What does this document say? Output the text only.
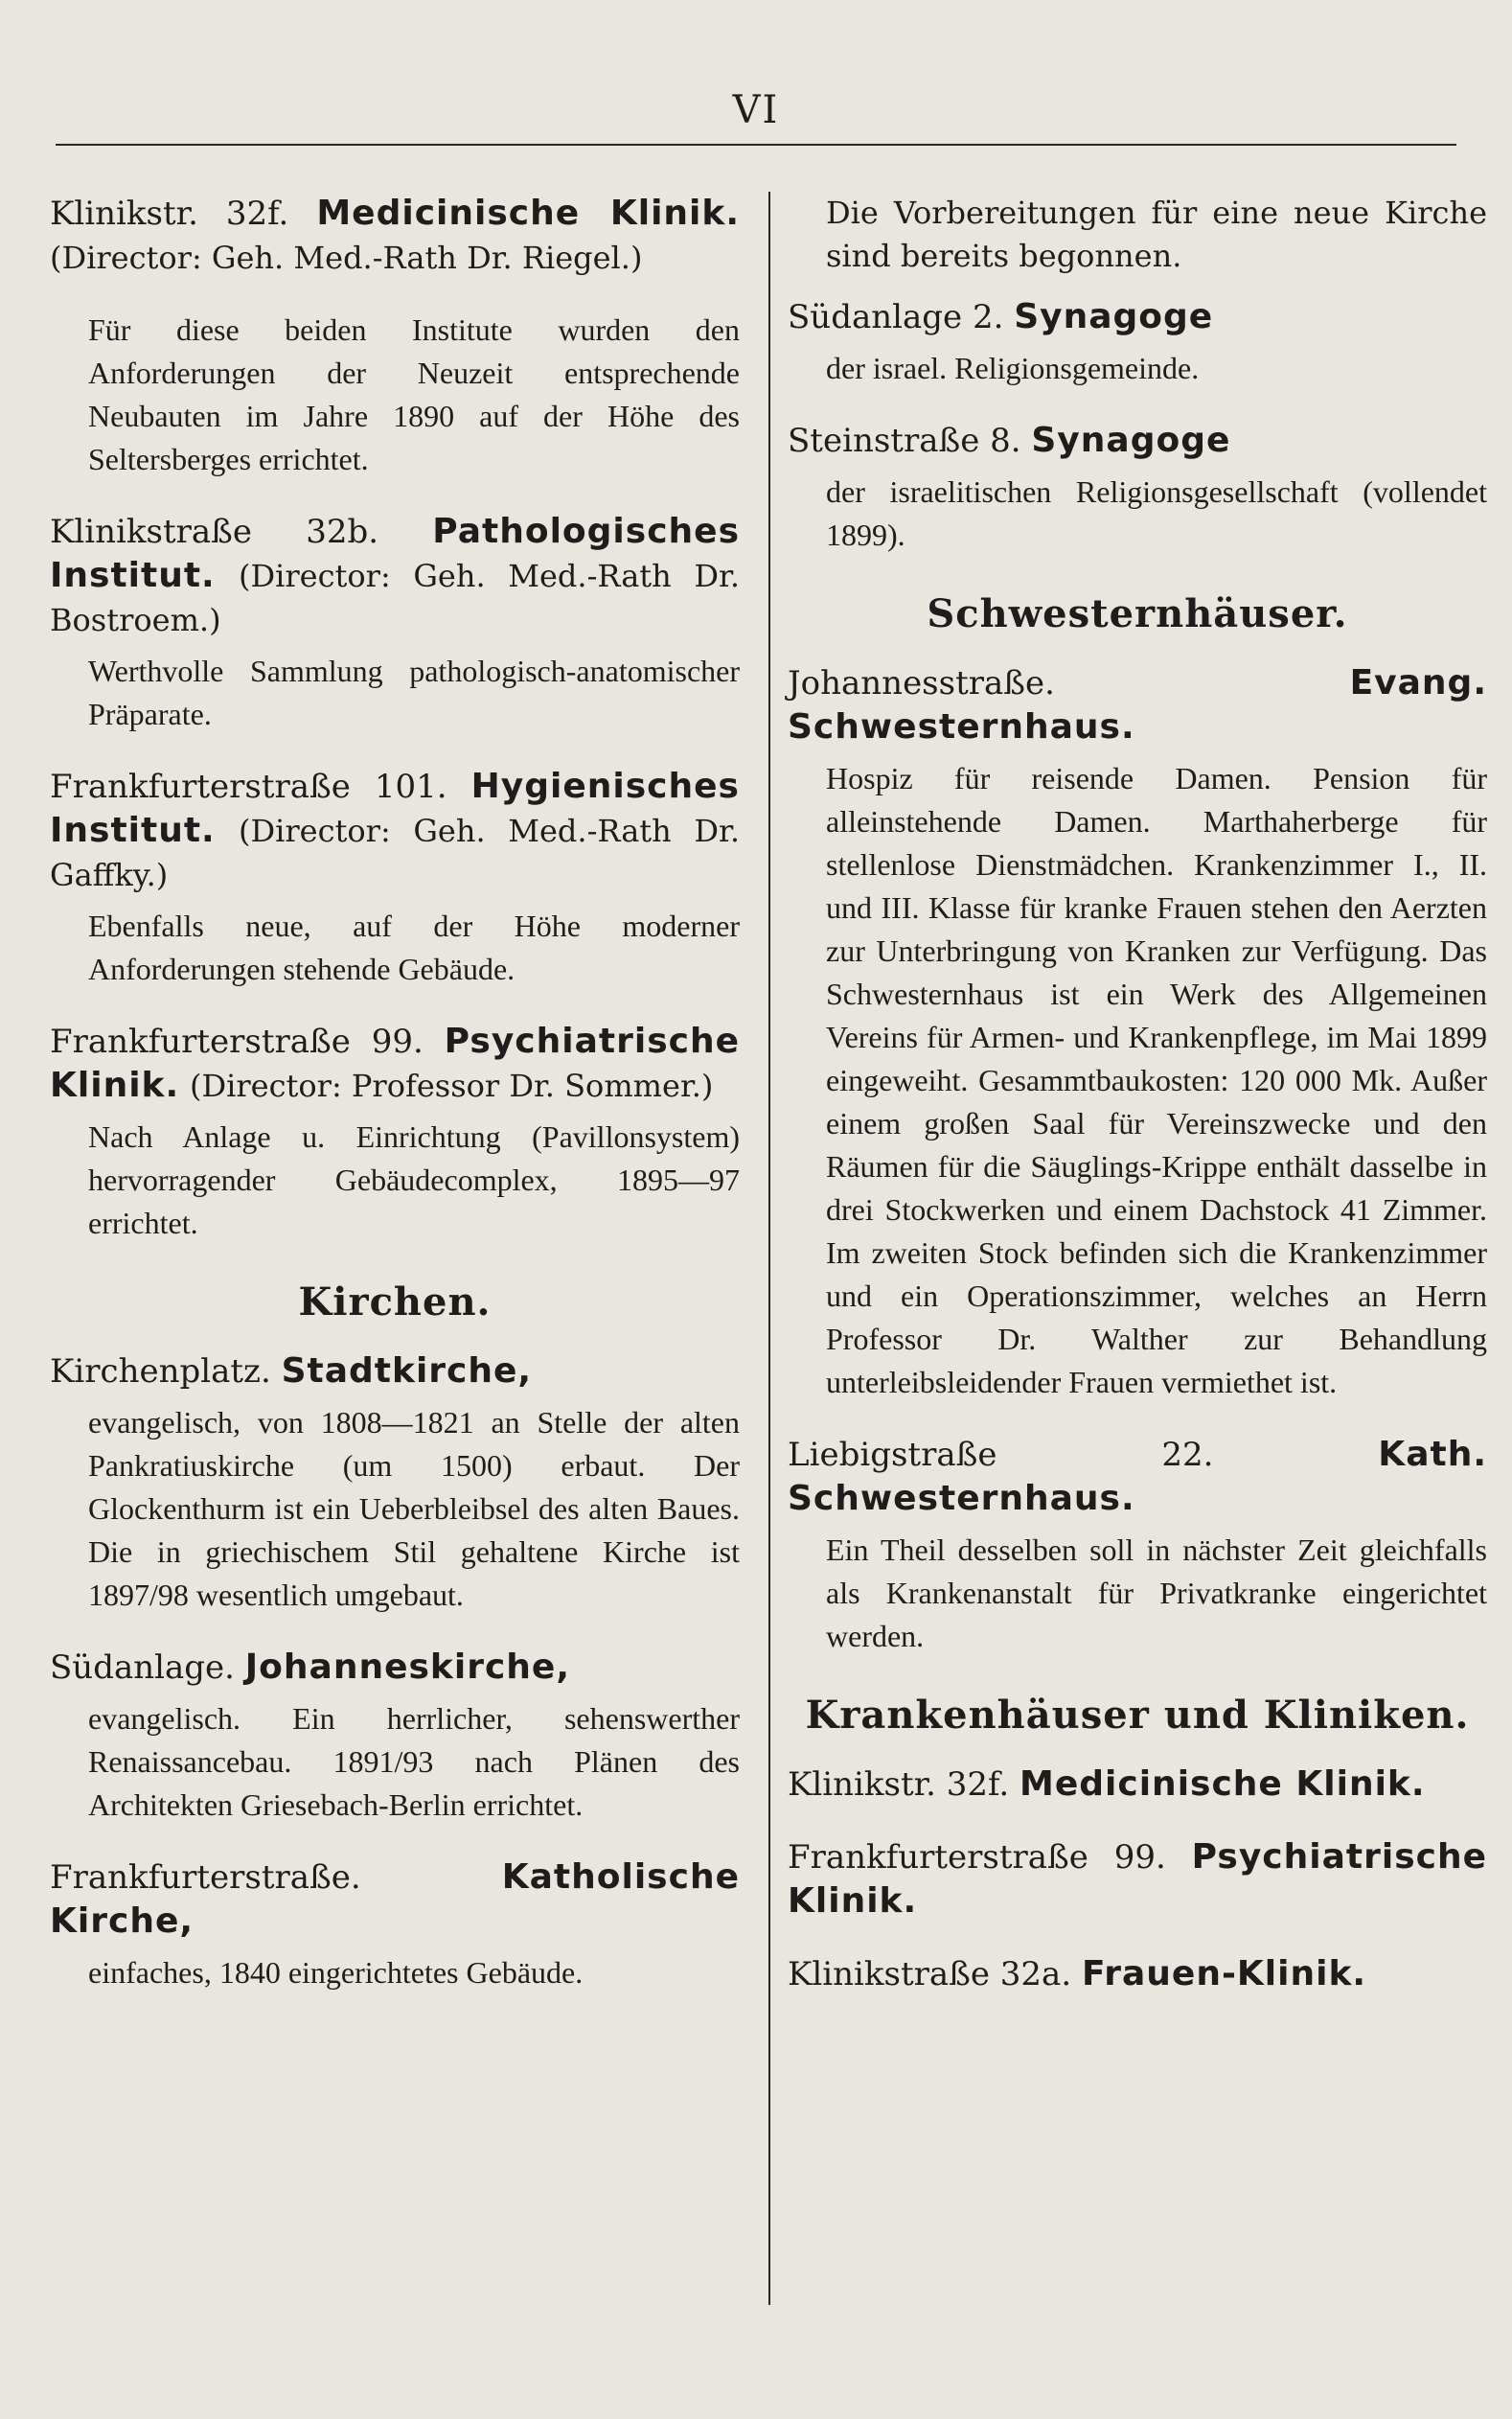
VI
Klinikstr. 32f. Medicinische Klinik. (Director: Geh. Med.-Rath Dr. Riegel.)
Für diese beiden Institute wurden den Anforderungen der Neuzeit entsprechende Neubauten im Jahre 1890 auf der Höhe des Seltersberges errichtet.
Klinikstraße 32b. Pathologisches Institut. (Director: Geh. Med.-Rath Dr. Bostroem.)
Werthvolle Sammlung pathologisch-anatomischer Präparate.
Frankfurterstraße 101. Hygienisches Institut. (Director: Geh. Med.-Rath Dr. Gaffky.)
Ebenfalls neue, auf der Höhe moderner Anforderungen stehende Gebäude.
Frankfurterstraße 99. Psychiatrische Klinik. (Director: Professor Dr. Sommer.)
Nach Anlage u. Einrichtung (Pavillonsystem) hervorragender Gebäudecomplex, 1895—97 errichtet.
Kirchen.
Kirchenplatz. Stadtkirche,
evangelisch, von 1808—1821 an Stelle der alten Pankratiuskirche (um 1500) erbaut. Der Glockenthurm ist ein Ueberbleibsel des alten Baues. Die in griechischem Stil gehaltene Kirche ist 1897/98 wesentlich umgebaut.
Südanlage. Johanneskirche,
evangelisch. Ein herrlicher, sehenswerther Renaissancebau. 1891/93 nach Plänen des Architekten Griesebach-Berlin errichtet.
Frankfurterstraße.	Katholische Kirche,
einfaches, 1840 eingerichtetes Gebäude.
Die Vorbereitungen für eine neue Kirche sind bereits begonnen.
Südanlage 2. Synagoge
der israel. Religionsgemeinde.
Steinstraße 8. Synagoge
der israelitischen Religionsgesellschaft (vollendet 1899).
Schwesternhäuser.
Johannesstraße.	Evang. Schwesternhaus.
Hospiz für reisende Damen. Pension für alleinstehende Damen. Marthaherberge für stellenlose Dienstmädchen. Krankenzimmer I., II. und III. Klasse für kranke Frauen stehen den Aerzten zur Unterbringung von Kranken zur Verfügung. Das Schwesternhaus ist ein Werk des Allgemeinen Vereins für Armen- und Krankenpflege, im Mai 1899 eingeweiht. Gesammtbaukosten: 120 000 Mk. Außer einem großen Saal für Vereinszwecke und den Räumen für die Säuglings-Krippe enthält dasselbe in drei Stockwerken und einem Dachstock 41 Zimmer. Im zweiten Stock befinden sich die Krankenzimmer und ein Operationszimmer, welches an Herrn Professor Dr. Walther zur Behandlung unterleibsleidender Frauen vermiethet ist.
Liebigstraße 22.	Kath. Schwesternhaus.
Ein Theil desselben soll in nächster Zeit gleichfalls als Krankenanstalt für Privatkranke eingerichtet werden.
Krankenhäuser und Kliniken.
Klinikstr. 32f. Medicinische Klinik.
Frankfurterstraße 99. Psychiatrische Klinik.
Klinikstraße 32a. Frauen-Klinik.
